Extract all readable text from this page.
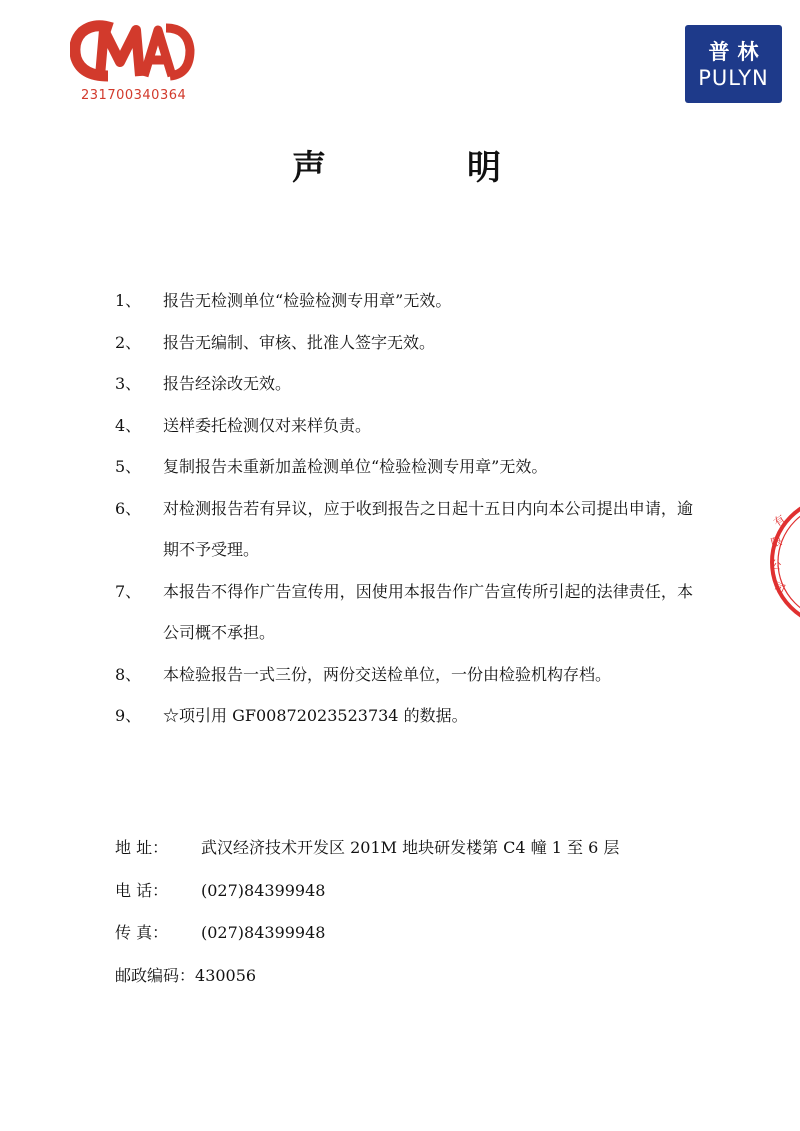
231700340364
普林
PULYN
声	明
1、	报告无检测单位“检验检测专用章”无效。
2、	报告无编制、审核、批准人签字无效。
3、	报告经涂改无效。
4、	送样委托检测仅对来样负责。
5、	复制报告未重新加盖检测单位“检验检测专用章”无效。
6、	对检测报告若有异议，应于收到报告之日起十五日内向本公司提出申请，逾期不予受理。
7、	本报告不得作广告宣传用，因使用本报告作广告宣传所引起的法律责任，本公司概不承担。
8、	本检验报告一式三份，两份交送检单位，一份由检验机构存档。
9、	☆项引用 GF00872023523734 的数据。
地 址： 武汉经济技术开发区 201M 地块研发楼第 C4 幢 1 至 6 层
电 话： (027)84399948
传 真： (027)84399948
邮政编码：430056
有
限
公
司
